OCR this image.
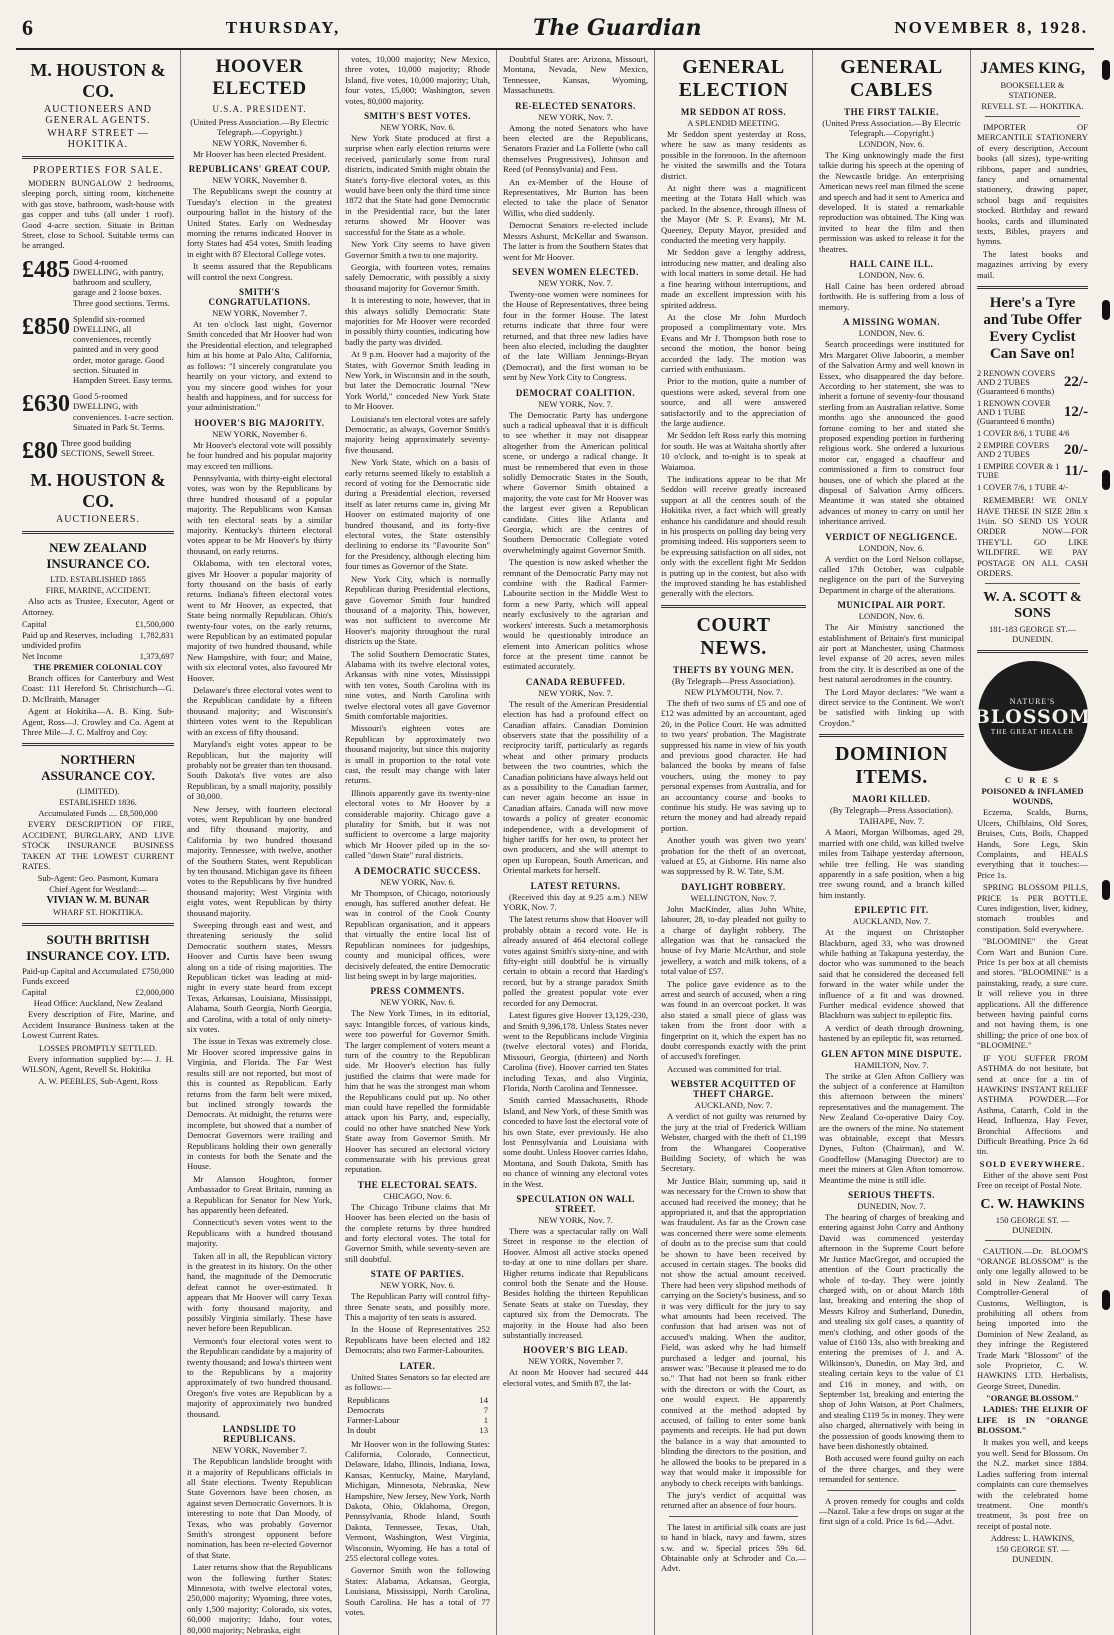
6	THURSDAY,	The Guardian	NOVEMBER 8, 1928.
M. HOUSTON & CO.
AUCTIONEERS AND GENERAL AGENTS.
WHARF STREET — HOKITIKA.
PROPERTIES FOR SALE.

MODERN BUNGALOW 2 bedrooms, sleeping porch, sitting room, kitchenette with gas stove, bathroom, wash-house with gas copper and tubs (all under 1 roof). Good 4-acre section. Situate in Brittan Street, close to School. Suitable terms can be arranged.

£485 Good 4-roomed DWELLING, with pantry, bathroom and scullery, garage and 2 loose boxes. Three good sections. Terms.
£850 Splendid six-roomed DWELLING, all conveniences, recently painted and in very good order, motor garage. Good section. Situated in Hampden Street. Easy terms.
£630 Good 5-roomed DWELLING, with conveniences. 1-acre section. Situated in Park St. Terms.
£80 Three good building SECTIONS, Sewell Street.
M. HOUSTON & CO.
AUCTIONEERS.
NEW ZEALAND INSURANCE CO.
LTD. ESTABLISHED 1865
FIRE, MARINE, ACCIDENT.

Also acts as Trustee, Executor, Agent or Attorney.

Capital	£1,500,000
Paid up and Reserves, including undivided profits
1,782,831
Net Income	1,373,697
THE PREMIER COLONIAL COY

Branch offices for Canterbury and West Coast: 111 Hereford St. Christchurch—G. D. McIlraith, Manager

Agent at Hokitika—A. B. King. Sub-Agent, Ross—J. Crowley and Co. Agent at Three Mile—J. C. Malfroy and Coy.

NORTHERN ASSURANCE COY.
(LIMITED).
ESTABLISHED 1836.
Accumulated Funds .... £8,500,000

EVERY DESCRIPTION OF FIRE, ACCIDENT, BURGLARY, AND LIVE STOCK INSURANCE BUSINESS TAKEN AT THE LOWEST CURRENT RATES.

Sub-Agent: Geo. Pasmont, Kumara
Chief Agent for Westland:—
VIVIAN W. M. BUNAR
WHARF ST. HOKITIKA.
SOUTH BRITISH INSURANCE COY. LTD.
Paid-up Capital and Accumulated Funds exceed
£750,000
Capital	£2,000,000
Head Office: Auckland, New Zealand

Every description of Fire, Marine, and Accident Insurance Business taken at the Lowest Current Rates.

LOSSES PROMPTLY SETTLED.

Every information supplied by:— J. H. WILSON, Agent, Revell St. Hokitika

A. W. PEEBLES, Sub-Agent, Ross
HOOVER ELECTED
U.S.A. PRESIDENT.
(United Press Association.—By Electric Telegraph.—Copyright.)
NEW YORK, November 6.

Mr Hoover has been elected President.

REPUBLICANS' GREAT COUP.
NEW YORK, November 8.

The Republicans swept the country at Tuesday's election in the greatest outpouring ballot in the history of the United States. Early on Wednesday morning the returns indicated Hoover in forty States had 454 votes, Smith leading in eight with 87 Electoral College votes.

It seems assured that the Republicans will control the next Congress.

SMITH'S CONGRATULATIONS.
NEW YORK, November 7.

At ten o'clock last night, Governor Smith conceded that Mr Hoover had won the Presidential election, and telegraphed him at his home at Palo Alto, California, as follows: "I sincerely congratulate you heartily on your victory, and extend to you my sincere good wishes for your health and happiness, and for success for your administration."

HOOVER'S BIG MAJORITY.
NEW YORK, November 6.

Mr Hoover's electoral vote will possibly be four hundred and his popular majority may exceed ten millions.

Pennsylvania, with thirty-eight electoral votes, was won by the Republicans by three hundred thousand of a popular majority. The Republicans won Kansas with ten electoral seats by a similar majority. Kentucky's thirteen electoral votes appear to be Mr Hoover's by thirty thousand, on early returns.

Oklahoma, with ten electoral votes, gives Mr Hoover a popular majority of forty thousand on the basis of early returns. Indiana's fifteen electoral votes went to Mr Hoover, as expected, that State being normally Republican. Ohio's twenty-four votes, on the early returns, were Republican by an estimated popular majority of two hundred thousand, while New Hampshire, with four; and Maine, with six electoral votes, also favoured Mr Hoover.

Delaware's three electoral votes went to the Republican candidate by a fifteen thousand majority; and Wisconsin's thirteen votes went to the Republican with an excess of fifty thousand.

Maryland's eight votes appear to be Republican, but the majority will probably not be greater than ten thousand. South Dakota's five votes are also Republican, by a small majority, possibly of 30,000.

New Jersey, with fourteen electoral votes, went Republican by one hundred and fifty thousand majority, and California by two hundred thousand majority. Tennessee, with twelve, another of the Southern States, went Republican by ten thousand. Michigan gave its fifteen votes to the Republicans by five hundred thousand majority; West Virginia with eight votes, went Republican by thirty thousand majority.

Sweeping through east and west, and threatening seriously the solid Democratic southern states, Messrs Hoover and Curtis have been swung along on a tide of rising majorities. The Republican ticket was leading at mid-night in every state heard from except Texas, Arkansas, Louisiana, Mississippi, Alabama, South Georgia, North Georgia, and Carolina, with a total of only ninety-six votes.

The issue in Texas was extremely close. Mr Hoover scored impressive gains in Virginia, and Florida. The Far West results still are not reported, but most of this is counted as Republican. Early returns from the farm belt were mixed, but inclined strongly towards the Democrats. At midnight, the returns were incomplete, but showed that a number of Democrat Governors were trailing and Republicans holding their own generally in contests for both the Senate and the House.

Mr Alanson Houghton, former Ambassador to Great Britain, running as a Republican for Senator for New York, has apparently been defeated.

Connecticut's seven votes went to the Republicans with a hundred thousand majority.

Taken all in all, the Republican victory is the greatest in its history. On the other hand, the magnitude of the Democratic defeat cannot be over-estimated. It appears that Mr Hoover will carry Texas with forty thousand majority, and possibly Virginia similarly. These have never before been Republican.

Vermont's four electoral votes went to the Republican candidate by a majority of twenty thousand; and Iowa's thirteen went to the Republicans by a majority approximately of two hundred thousand. Oregon's five votes are Republican by a majority of approximately two hundred thousand.

LANDSLIDE TO REPUBLICANS.
NEW YORK, November 7.

The Republican landslide brought with it a majority of Republicans officials in all State elections. Twenty Republican State Governors have been chosen, as against seven Democratic Governors. It is interesting to note that Dan Moody, of Texas, who was probably Governor Smith's strongest opponent before nomination, has been re-elected Governor of that State.

Later returns show that the Republicans won the following further States: Minnesota, with twelve electoral votes, 250,000 majority; Wyoming, three votes, only 1,500 majority; Colorado, six votes, 60,000 majority; Idaho, four votes, 80,000 majority; Nebraska, eight

votes, 10,000 majority; New Mexico, three votes, 10,000 majority; Rhode Island, five votes, 10,000 majority; Utah, four votes, 15,000; Washington, seven votes, 80,000 majority.

SMITH'S BEST VOTES.
NEW YORK, Nov. 6.

New York State produced at first a surprise when early election returns were received, particularly some from rural districts, indicated Smith might obtain the State's forty-five electoral votes, as this would have been only the third time since 1872 that the State had gone Democratic in the Presidential race, but the later returns showed Mr Hoover was successful for the State as a whole.

New York City seems to have given Governor Smith a two to one majority.

Georgia, with fourteen votes, remains safely Democratic, with possibly a sixty thousand majority for Governor Smith.

It is interesting to note, however, that in this always solidly Democratic State majorities for Mr Hoover were recorded in possibly thirty counties, indicating how badly the party was divided.

At 9 p.m. Hoover had a majority of the States, with Governor Smith leading in New York, in Wisconsin and in the south, but later the Democratic Journal "New York World," conceded New York State to Mr Hoover.

Louisiana's ten electoral votes are safely Democratic, as always, Governor Smith's majority being approximately seventy-five thousand.

New York State, which on a basis of early returns seemed likely to establish a record of voting for the Democratic side during a Presidential election, reversed itself as later returns came in, giving Mr Hoover on estimated majority of one hundred thousand, and its forty-five electoral votes, the State ostensibly declining to endorse its "Favourite Son" for the Presidency, although electing him four times as Governor of the State.

New York City, which is normally Republican during Presidential elections, gave Governor Smith four hundred thousand of a majority. This, however, was not sufficient to overcome Mr Hoover's majority throughout the rural districts up the State.

The solid Southern Democratic States, Alabama with its twelve electoral votes, Arkansas with nine votes, Mississippi with ten votes, South Carolina with its nine votes, and North Carolina with twelve electoral votes all gave Governor Smith comfortable majorities.

Missouri's eighteen votes are Republican by approximately two thousand majority, but since this majority is small in proportion to the total vote cast, the result may change with later returns.

Illinois apparently gave its twenty-nine electoral votes to Mr Hoover by a considerable majority. Chicago gave a plurality for Smith, but it was not sufficient to overcome a large majority which Mr Hoover piled up in the so-called "down State" rural districts.

A DEMOCRATIC SUCCESS.
NEW YORK, Nov. 6.

Mr Thompson, of Chicago, notoriously enough, has suffered another defeat. He was in control of the Cook County Republican organisation, and it appears that virtually the entire local list of Republican nominees for judgeships, county and municipal offices, were decisively defeated, the entire Democratic list being swept in by large majorities.

PRESS COMMENTS.
NEW YORK, Nov. 6.

The New York Times, in its editorial, says: Intangible forces, of various kinds, were too powerful for Governor Smith. The larger complement of voters meant a turn of the country to the Republican side. Mr Hoover's election has fully justified the claims that were made for him that he was the strongest man whom the Republicans could put up. No other man could have repelled the formidable attack upon his Party, and, especially, could no other have snatched New York State away from Governor Smith. Mr Hoover has secured an electoral victory commensurate with his previous great reputation.

THE ELECTORAL SEATS.
CHICAGO, Nov. 6.

The Chicago Tribune claims that Mr Hoover has been elected on the basis of the complete returns by three hundred and forty electoral votes. The total for Governor Smith, while seventy-seven are still doubtful.

STATE OF PARTIES.
NEW YORK, Nov. 6.

The Republican Party will control fifty-three Senate seats, and possibly more. This a majority of ten seats is assured.

In the House of Representatives 252 Republicans have been elected and 182 Democrats; also two Farmer-Labourites.

LATER.

United States Senators so far elected are as follows:—

Republicans	14
Democrats	7
Farmer-Labour	1
In doubt	13

Mr Hoover won in the following States: California, Colorado, Connecticut, Delaware, Idaho, Illinois, Indiana, Iowa, Kansas, Kentucky, Maine, Maryland, Michigan, Minnesota, Nebraska, New Hampshire, New Jersey, New York, North Dakota, Ohio, Oklahoma, Oregon, Pennsylvania, Rhode Island, South Dakota, Tennessee, Texas, Utah, Vermont, Washington, West Virginia, Wisconsin, Wyoming. He has a total of 255 electoral college votes.

Governor Smith won the following States: Alabama, Arkansas, Georgia, Louisiana, Mississippi, North Carolina, South Carolina. He has a total of 77 votes.

Doubtful States are: Arizona, Missouri, Montana, Nevada, New Mexico, Tennessee, Kansas, Wyoming, Massachusetts.

RE-ELECTED SENATORS.
NEW YORK, Nov. 7.

Among the noted Senators who have been elected are the Republicans, Senators Frazier and La Follette (who call themselves Progressives), Johnson and Reed (of Pennsylvania) and Fess.

An ex-Member of the House of Representatives, Mr Burton has been elected to take the place of Senator Willis, who died suddenly.

Democrat Senators re-elected include Messrs Ashurst, McKellar and Swanson. The latter is from the Southern States that went for Mr Hoover.

SEVEN WOMEN ELECTED.
NEW YORK, Nov. 7.

Twenty-one women were nominees for the House of Representatives, three being four in the former House. The latest returns indicate that three four were returned, and that three new ladies have been also elected, including the daughter of the late William Jennings-Bryan (Democrat), and the first woman to be sent by New York City to Congress.

DEMOCRAT COALITION.
NEW YORK, Nov. 7.

The Democratic Party has undergone such a radical upheaval that it is difficult to see whether it may not disappear altogether from the American political scene, or undergo a radical change. It must be remembered that even in those solidly Democratic States in the South, where Governor Smith obtained a majority, the vote cast for Mr Hoover was the largest ever given a Republican candidate. Cities like Atlanta and Georgia, which are the centres of Southern Democratic Collegiate voted overwhelmingly against Governor Smith.

The question is now asked whether the remnant of the Democratic Party may not combine with the Radical Farmer-Labourite section in the Middle West to form a new Party, which will appeal nearly exclusively to the agrarian and workers' interests. Such a metamorphosis would be questionably introduce an element into American politics whose force at the present time cannot be estimated accurately.

CANADA REBUFFED.
NEW YORK, Nov. 7.

The result of the American Presidential election has had a profound effect on Canadian affairs. Canadian Dominion observers state that the possibility of a reciprocity tariff, particularly as regards wheat and other primary products between the two countries, which the Canadian politicians have always held out as a possibility to the Canadian farmer, can never again become an issue in Canadian affairs. Canada will now move towards a policy of greater economic independence, with a development of higher tariffs for her own, to protect her own producers, and she will attempt to open up European, South American, and Oriental markets for herself.

LATEST RETURNS.

(Received this day at 9.25 a.m.) NEW YORK, Nov. 7.

The latest returns show that Hoover will probably obtain a record vote. He is already assured of 464 electoral college votes against Smith's sixty-nine, and with fifty-eight still doubtful he is virtually certain to obtain a record that Harding's record, but by a strange paradox Smith polled the greatest popular vote ever recorded for any Democrat.

Latest figures give Hoover 13,129,-230, and Smith 9,396,178. Unless States never went to the Republicans include Virginia (twelve electoral votes) and Florida, Missouri, Georgia, (thirteen) and North Carolina (five). Hoover carried ten States including Texas, and also Virginia, Florida, North Carolina and Tennessee.

Smith carried Massachusetts, Rhode Island, and New York, of these Smith was conceded to have lost the electoral vote of his own State, ever previously. He also lost Pennsylvania and Louisiana with some doubt. Unless Hoover carries Idaho, Montana, and South Dakota, Smith has no chance of winning any electoral votes in the West.

SPECULATION ON WALL STREET.
NEW YORK, Nov. 7.

There was a spectacular rally on Wall Street in response to the election of Hoover. Almost all active stocks opened to-day at one to nine dollars per share. Higher returns indicate that Republicans control both the Senate and the House. Besides holding the thirteen Republican Senate Seats at stake on Tuesday, they captured six from the Democrats. The majority in the House had also been substantially increased.

HOOVER'S BIG LEAD.
NEW YORK, November 7.

At noon Mr Hoover had secured 444 electoral votes, and Smith 87, the lat-

GENERAL ELECTION
MR SEDDON AT ROSS.
A SPLENDID MEETING.

Mr Seddon spent yesterday at Ross, where he saw as many residents as possible in the forenoon. In the afternoon he visited the sawmills and the Totara district.

At night there was a magnificent meeting at the Totara Hall which was packed. In the absence, through illness of the Mayor (Mr S. P. Evans), Mr M. Queeney, Deputy Mayor, presided and conducted the meeting very happily.

Mr Seddon gave a lengthy address, introducing new matter, and dealing also with local matters in some detail. He had a fine hearing without interruptions, and made an excellent impression with his spirited address.

At the close Mr John Murdoch proposed a complimentary vote. Mrs Evans and Mr J. Thompson both rose to second the motion, the honor being accorded the lady. The motion was carried with enthusiasm.

Prior to the motion, quite a number of questions were asked, several from one source, and all were answered satisfactorily and to the appreciation of the large audience.

Mr Seddon left Ross early this morning for south. He was at Waitaha shortly after 10 o'clock, and to-night is to speak at Waiamoa.

The indications appear to be that Mr Seddon will receive greatly increased support at all the centres south of the Hokitika river, a fact which will greatly enhance his candidature and should result in his prospects on polling day being very promising indeed. His supporters seem to be expressing satisfaction on all sides, not only with the excellent fight Mr Seddon is putting up in the contest, but also with the improved standing he has established generally with the electors.

COURT NEWS.
THEFTS BY YOUNG MEN.
(By Telegraph—Press Association).
NEW PLYMOUTH, Nov. 7.

The theft of two sums of £5 and one of £12 was admitted by an accountant, aged 20, in the Police Court. He was admitted to two years' probation. The Magistrate suppressed his name in view of his youth and previous good character. He had balanced the books by means of false vouchers, using the money to pay personal expenses from Australia, and for an accountancy course and books to continue his study. He was saving up to return the money and had already repaid portion.

Another youth was given two years' probation for the theft of an overcoat, valued at £5, at Gisborne. His name also was suppressed by R. W. Tate, S.M.

DAYLIGHT ROBBERY.
WELLINGTON, Nov. 7.

John MacKinder, alias John White, labourer, 28, to-day pleaded not guilty to a charge of daylight robbery. The allegation was that he ransacked the house of Ivy Marie McArthur, and stole jewellery, a watch and milk tokens, of a total value of £57.

The police gave evidence as to the arrest and search of accused, when a ring was found in an overcoat pocket. It was also stated a small piece of glass was taken from the front door with a fingerprint on it, which the expert has no doubt corresponds exactly with the print of accused's forefinger.

Accused was committed for trial.

WEBSTER ACQUITTED OF THEFT CHARGE.
AUCKLAND, Nov. 7.

A verdict of not guilty was returned by the jury at the trial of Frederick William Webster, charged with the theft of £1,199 from the Whangarei Cooperative Building Society, of which he was Secretary.

Mr Justice Blair, summing up, said it was necessary for the Crown to show that accused had received the money; that he appropriated it, and that the appropriation was fraudulent. As far as the Crown case was concerned there were some elements of doubt as to the precise sum that could be shown to have been received by accused in certain stages. The books did not show the actual amount received. There had been very slipshod methods of carrying on the Society's business, and so it was very difficult for the jury to say what amounts had been received. The confusion that had arisen was not of accused's making. When the auditor, Field, was asked why he had himself purchased a ledger and journal, his answer was: "Because it pleased me to do so." That had not been so frank either with the directors or with the Court, as one would expect. He apparently connived at the method adopted by accused, of failing to enter some bank payments and receipts. He had put down the balance in a way that amounted to blinding the directors to the position, and he allowed the books to be prepared in a way that would make it impossible for anybody to check receipts with bankings.

The jury's verdict of acquittal was returned after an absence of four hours.

The latest in artificial silk coats are just to hand in black, navy and fawns, sizes s.w. and w. Special prices 59s 6d. Obtainable only at Schroder and Co.—Advt.

GENERAL CABLES
THE FIRST TALKIE.
(United Press Association.—By Electric Telegraph.—Copyright.)
LONDON, Nov. 6.

The King unknowingly made the first talkie during his speech at the opening of the Newcastle bridge. An enterprising American news reel man filmed the scene and speech and had it sent to America and developed. It is stated a remarkable reproduction was obtained. The King was invited to hear the film and then permission was asked to release it for the theatres.

HALL CAINE ILL.
LONDON, Nov. 6.

Hall Caine has been ordered abroad forthwith. He is suffering from a loss of memory.

A MISSING WOMAN.
LONDON, Nov. 6.

Search proceedings were instituted for Mrs Margaret Olive Jaboorin, a member of the Salvation Army and well known in Essex, who disappeared the day before. According to her statement, she was to inherit a fortune of seventy-four thousand sterling from an Australian relative. Some months ago she announced the good fortune coming to her and stated she proposed expending portion in furthering religious work. She ordered a luxurious motor car, engaged a chauffeur and commissioned a firm to construct four houses, one of which she placed at the disposal of Salvation Army officers. Meantime it was stated she obtained advances of money to carry on until her inheritance arrived.

VERDICT OF NEGLIGENCE.
LONDON, Nov. 6.

A verdict on the Lord Nelson collapse, called 17th October, was culpable negligence on the part of the Surveying Department in charge of the alterations.

MUNICIPAL AIR PORT.
LONDON, Nov. 6.

The Air Ministry sanctioned the establishment of Britain's first municipal air port at Manchester, using Chatmoss level expanse of 20 acres, seven miles from the city. It is described as one of the best natural aerodromes in the country.

The Lord Mayor declares: "We want a direct service to the Continent. We won't be satisfied with linking up with Croydon."

DOMINION ITEMS.
MAORI KILLED.
(By Telegraph—Press Association).
TAIHAPE, Nov. 7.

A Maori, Morgan Wilbomas, aged 29, married with one child, was killed twelve miles from Taihape yesterday afternoon, while tree felling. He was standing apparently in a safe position, when a big tree swung round, and a branch killed him instantly.

EPILEPTIC FIT.
AUCKLAND, Nov. 7.

At the inquest on Christopher Blackburn, aged 33, who was drowned while bathing at Takapuna yesterday, the doctor who was summoned to the beach said that he considered the deceased fell forward in the water while under the influence of a fit and was drowned. Further medical evidence showed that Blackburn was subject to epileptic fits.

A verdict of death through drowning, hastened by an epileptic fit, was returned.

GLEN AFTON MINE DISPUTE.
HAMILTON, Nov. 7.

The strike at Glen Afton Colliery was the subject of a conference at Hamilton this afternoon between the miners' representatives and the management. The New Zealand Co-operative Dairy Coy. are the owners of the mine. No statement was obtainable, except that Messrs Dynes, Fulton (Chairman), and W. Goodfellow (Managing Director) are to meet the miners at Glen Afton tomorrow. Meantime the mine is still idle.

SERIOUS THEFTS.
DUNEDIN, Nov. 7.

The hearing of charges of breaking and entering against John Corry and Anthony David was commenced yesterday afternoon in the Supreme Court before Mr Justice MacGregor, and occupied the attention of the Court practically the whole of to-day. They were jointly charged with, on or about March 18th last, breaking and entering the shop of Messrs Kilroy and Sutherland, Dunedin, and stealing six golf cases, a quantity of men's clothing, and other goods of the value of £160 13s, also with breaking and entering the premises of J. and A. Wilkinson's, Dunedin, on May 3rd, and stealing certain keys to the value of £1 and £16 in money, and with, on September 1st, breaking and entering the shop of John Watson, at Port Chalmers, and stealing £119 5s in money. They were also charged, alternatively with being in the possession of goods knowing them to have been dishonestly obtained.

Both accused were found guilty on each of the three charges, and they were remanded for sentence.

A proven remedy for coughs and colds—Nazol. Take a few drops on sugar at the first sign of a cold. Price 1s 6d.—Advt.

JAMES KING,
BOOKSELLER & STATIONER.
REVELL ST. — HOKITIKA.

IMPORTER OF MERCANTILE STATIONERY of every description, Account books (all sizes), type-writing ribbons, paper and sundries, fancy and ornamental stationery, drawing paper, school bags and requisites stocked. Birthday and reward books, cards and illuminated texts, Bibles, prayers and hymns.

The latest books and magazines arriving by every mail.

Here's a Tyre and Tube Offer Every Cyclist Can Save on!
2 RENOWN COVERS AND 2 TUBES (Guaranteed 6 months)
22/-
1 RENOWN COVER AND 1 TUBE (Guaranteed 6 months)
12/-
1 COVER 8/6, 1 TUBE 4/6
2 EMPIRE COVERS AND 2 TUBES	20/-
1 EMPIRE COVER & 1 TUBE	11/-
1 COVER 7/6, 1 TUBE 4/-

REMEMBER! WE ONLY HAVE THESE IN SIZE 28in x 1½in. SO SEND US YOUR ORDER NOW—FOR THEY'LL GO LIKE WILDFIRE. WE PAY POSTAGE ON ALL CASH ORDERS.

W. A. SCOTT & SONS
181-183 GEORGE ST.—DUNEDIN.
NATURE'S
BLOSSOM
THE GREAT HEALER
C U R E S
POISONED & INFLAMED WOUNDS,

Eczema, Scalds, Burns, Ulcers, Chilblains, Old Sores, Bruises, Cuts, Boils, Chapped Hands, Sore Legs, Skin Complaints, and HEALS everything that it touches:—Price 1s.

SPRING BLOSSOM PILLS, PRICE 1s PER BOTTLE. Cures indigestion, liver, kidney, stomach troubles and constipation. Sold everywhere.

"BLOOMINE" the Great Corn Wart and Bunion Cure. Price 1s per box at all chemists and stores. "BLOOMINE" is a painstaking, ready, a sure cure. It will relieve you in three applications. All the difference between having painful corns and not having them, is one shilling; the price of one box of "BLOOMINE."

IF YOU SUFFER FROM ASTHMA do not hesitate, but send at once for a tin of HAWKINS' INSTANT RELIEF ASTHMA POWDER.—For Asthma, Catarrh, Cold in the Head, Influenza, Hay Fever, Bronchial Affections and Difficult Breathing. Price 2s 6d tin.

SOLD EVERYWHERE.

Either of the above sent Post Free on receipt of Postal Note.

C. W. HAWKINS
150 GEORGE ST. — DUNEDIN.

CAUTION.—Dr. BLOOM'S "ORANGE BLOSSOM" is the only one legally allowed to be sold in New Zealand. The Comptroller-General of Customs, Wellington, is prohibiting all others from being imported into the Dominion of New Zealand, as they infringe the Registered Trade Mark "Blossom" of the sole Proprietor, C. W. HAWKINS LTD. Herbalists, George Street, Dunedin.

"ORANGE BLOSSOM."

LADIES: THE ELIXIR OF LIFE IS IN "ORANGE BLOSSOM."

It makes you well, and keeps you well. Send for Blossom. On the N.Z. market since 1884. Ladies suffering from internal complaints can cure themselves with the celebrated home treatment. One month's treatment, 3s post free on receipt of postal note.

Address: L. HAWKINS,
150 GEORGE ST. — DUNEDIN.
